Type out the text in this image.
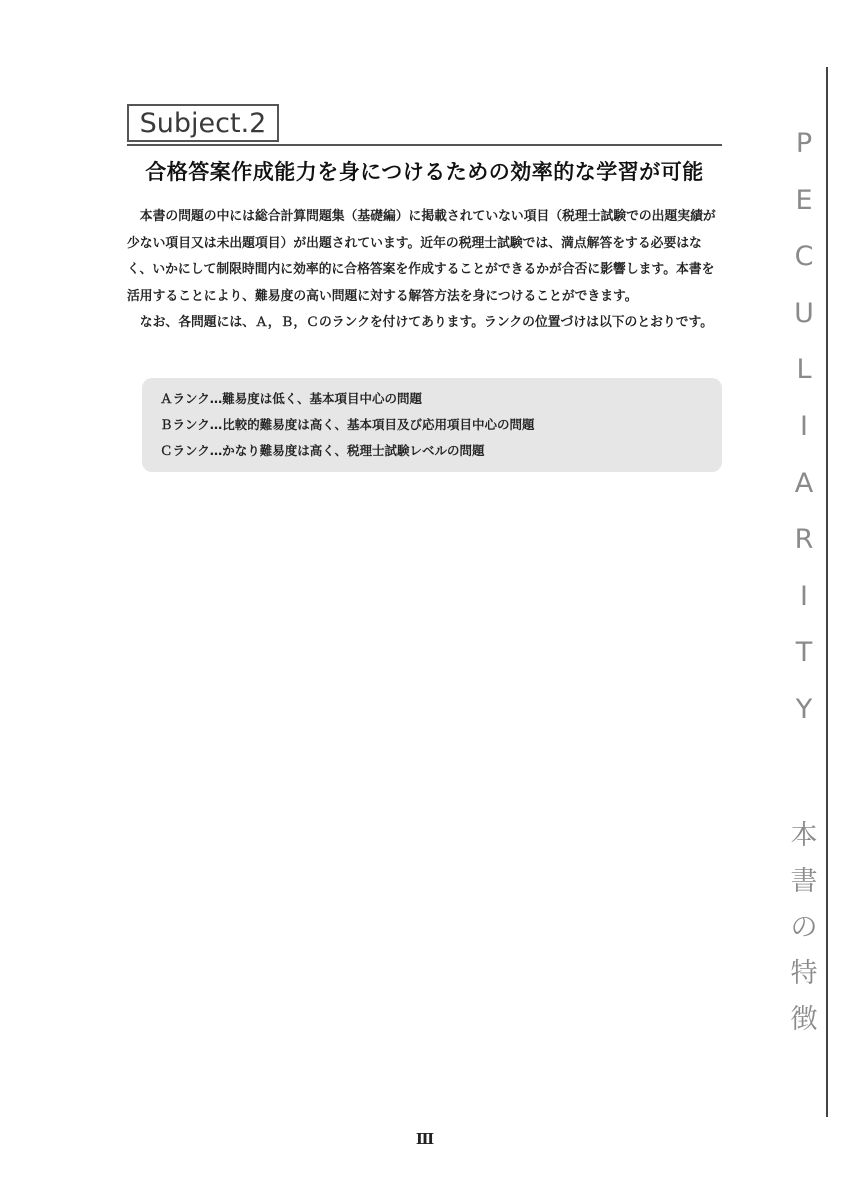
Subject.2
合格答案作成能力を身につけるための効率的な学習が可能

本書の問題の中には総合計算問題集（基礎編）に掲載されていない項目（税理士試験での出題実績が少ない項目又は未出題項目）が出題されています。近年の税理士試験では、満点解答をする必要はなく、いかにして制限時間内に効率的に合格答案を作成することができるかが合否に影響します。本書を活用することにより、難易度の高い問題に対する解答方法を身につけることができます。

なお、各問題には、Ａ，Ｂ，Ｃのランクを付けてあります。ランクの位置づけは以下のとおりです。

Ａランク…難易度は低く、基本項目中心の問題
Ｂランク…比較的難易度は高く、基本項目及び応用項目中心の問題
Ｃランク…かなり難易度は高く、税理士試験レベルの問題
P
E
C
U
L
I
A
R
I
T
Y
本
書
の
特
徴
Ⅲ
